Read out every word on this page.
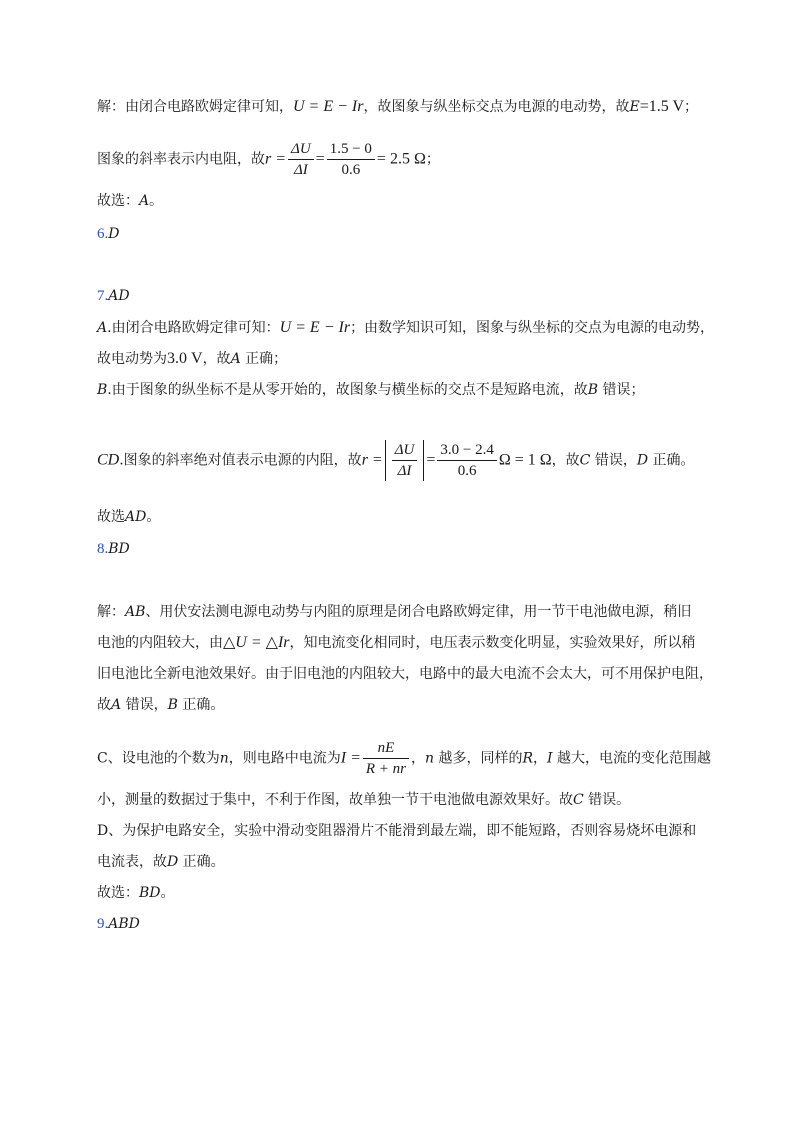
解：由闭合电路欧姆定律可知，U = E − Ir，故图象与纵坐标交点为电源的电动势，故E=1.5 V；
图象的斜率表示内电阻，故$r = \frac{\Delta U}{\Delta I} = \frac{1.5 - 0}{0.6} = 2.5$ Ω；
故选：A。
6.D
7.AD
A.由闭合电路欧姆定律可知：U = E − Ir；由数学知识可知，图象与纵坐标的交点为电源的电动势，
故电动势为3.0 V，故A 正确；
B.由于图象的纵坐标不是从零开始的，故图象与横坐标的交点不是短路电流，故B 错误；
CD.图象的斜率绝对值表示电源的内阻，故$r = \frac{\Delta U}{\Delta I} = \frac{3.0 - 2.4}{0.6}$ Ω = 1 Ω，故C 错误，D 正确。
故选AD。
8.BD
解：AB、用伏安法测电源电动势与内阻的原理是闭合电路欧姆定律，用一节干电池做电源，稍旧
电池的内阻较大，由△U = △Ir，知电流变化相同时，电压表示数变化明显，实验效果好，所以稍
旧电池比全新电池效果好。由于旧电池的内阻较大，电路中的最大电流不会太大，可不用保护电阻，
故A 错误，B 正确。
C、设电池的个数为n，则电路中电流为$I = \frac{nE}{R + nr}$ ，n 越多，同样的R，I 越大，电流的变化范围越
小，测量的数据过于集中，不利于作图，故单独一节干电池做电源效果好。故C 错误。
D、为保护电路安全，实验中滑动变阻器滑片不能滑到最左端，即不能短路，否则容易烧坏电源和
电流表，故D 正确。
故选：BD。
9.ABD
